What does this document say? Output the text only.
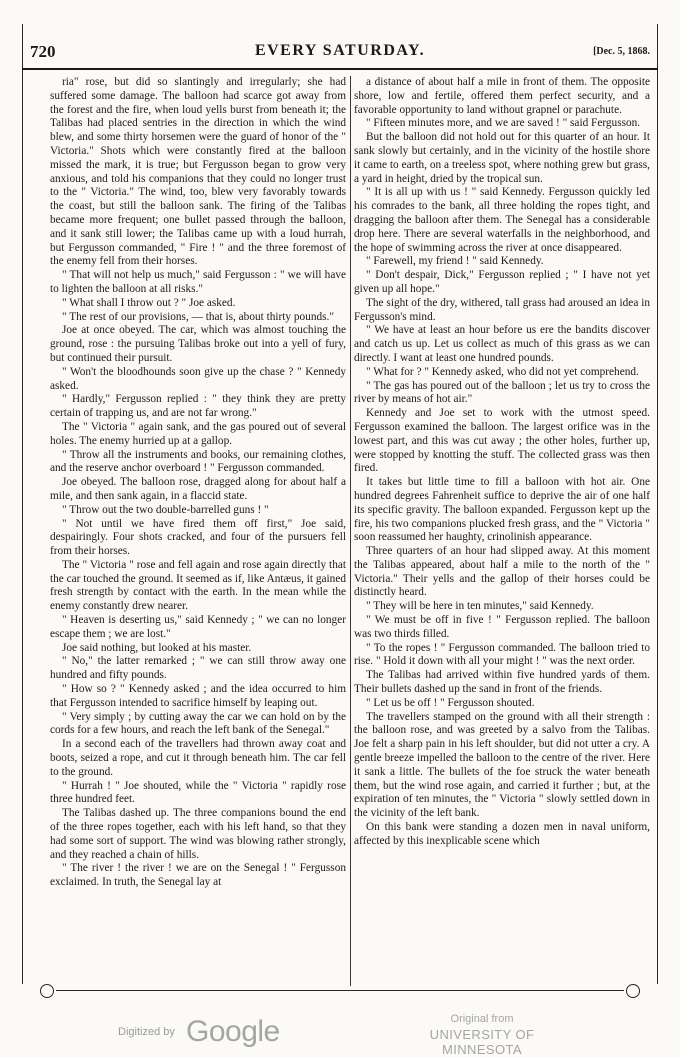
720	EVERY SATURDAY.	[Dec. 5, 1868.

ria" rose, but did so slantingly and irregularly; she had suffered some damage. The balloon had scarce got away from the forest and the fire, when loud yells burst from beneath it; the Talibas had placed sentries in the direction in which the wind blew, and some thirty horsemen were the guard of honor of the " Victoria." Shots which were constantly fired at the balloon missed the mark, it is true; but Fergusson began to grow very anxious, and told his companions that they could no longer trust to the " Victoria." The wind, too, blew very favorably towards the coast, but still the balloon sank. The firing of the Talibas became more frequent; one bullet passed through the balloon, and it sank still lower; the Talibas came up with a loud hurrah, but Fergusson commanded, " Fire ! " and the three foremost of the enemy fell from their horses.

" That will not help us much," said Fergusson : " we will have to lighten the balloon at all risks."

" What shall I throw out ? " Joe asked.

" The rest of our provisions, — that is, about thirty pounds."

Joe at once obeyed. The car, which was almost touching the ground, rose : the pursuing Talibas broke out into a yell of fury, but continued their pursuit.

" Won't the bloodhounds soon give up the chase ? " Kennedy asked.

" Hardly," Fergusson replied : " they think they are pretty certain of trapping us, and are not far wrong."

The " Victoria " again sank, and the gas poured out of several holes. The enemy hurried up at a gallop.

" Throw all the instruments and books, our remaining clothes, and the reserve anchor overboard ! " Fergusson commanded.

Joe obeyed. The balloon rose, dragged along for about half a mile, and then sank again, in a flaccid state.

" Throw out the two double-barrelled guns ! "

" Not until we have fired them off first," Joe said, despairingly. Four shots cracked, and four of the pursuers fell from their horses.

The " Victoria " rose and fell again and rose again directly that the car touched the ground. It seemed as if, like Antæus, it gained fresh strength by contact with the earth. In the mean while the enemy constantly drew nearer.

" Heaven is deserting us," said Kennedy ; " we can no longer escape them ; we are lost."

Joe said nothing, but looked at his master.

" No," the latter remarked ; " we can still throw away one hundred and fifty pounds.

" How so ? " Kennedy asked ; and the idea occurred to him that Fergusson intended to sacrifice himself by leaping out.

" Very simply ; by cutting away the car we can hold on by the cords for a few hours, and reach the left bank of the Senegal."

In a second each of the travellers had thrown away coat and boots, seized a rope, and cut it through beneath him. The car fell to the ground.

" Hurrah ! " Joe shouted, while the " Victoria " rapidly rose three hundred feet.

The Talibas dashed up. The three companions bound the end of the three ropes together, each with his left hand, so that they had some sort of support. The wind was blowing rather strongly, and they reached a chain of hills.

" The river ! the river ! we are on the Senegal ! " Fergusson exclaimed. In truth, the Senegal lay at

a distance of about half a mile in front of them. The opposite shore, low and fertile, offered them perfect security, and a favorable opportunity to land without grapnel or parachute.

" Fifteen minutes more, and we are saved ! " said Fergusson.

But the balloon did not hold out for this quarter of an hour. It sank slowly but certainly, and in the vicinity of the hostile shore it came to earth, on a treeless spot, where nothing grew but grass, a yard in height, dried by the tropical sun.

" It is all up with us ! " said Kennedy. Fergusson quickly led his comrades to the bank, all three holding the ropes tight, and dragging the balloon after them. The Senegal has a considerable drop here. There are several waterfalls in the neighborhood, and the hope of swimming across the river at once disappeared.

" Farewell, my friend ! " said Kennedy.

" Don't despair, Dick," Fergusson replied ; " I have not yet given up all hope."

The sight of the dry, withered, tall grass had aroused an idea in Fergusson's mind.

" We have at least an hour before us ere the bandits discover and catch us up. Let us collect as much of this grass as we can directly. I want at least one hundred pounds.

" What for ? " Kennedy asked, who did not yet comprehend.

" The gas has poured out of the balloon ; let us try to cross the river by means of hot air."

Kennedy and Joe set to work with the utmost speed. Fergusson examined the balloon. The largest orifice was in the lowest part, and this was cut away ; the other holes, further up, were stopped by knotting the stuff. The collected grass was then fired.

It takes but little time to fill a balloon with hot air. One hundred degrees Fahrenheit suffice to deprive the air of one half its specific gravity. The balloon expanded. Fergusson kept up the fire, his two companions plucked fresh grass, and the " Victoria " soon reassumed her haughty, crinolinish appearance.

Three quarters of an hour had slipped away. At this moment the Talibas appeared, about half a mile to the north of the " Victoria." Their yells and the gallop of their horses could be distinctly heard.

" They will be here in ten minutes," said Kennedy.

" We must be off in five ! " Fergusson replied. The balloon was two thirds filled.

" To the ropes ! " Fergusson commanded. The balloon tried to rise. " Hold it down with all your might ! " was the next order.

The Talibas had arrived within five hundred yards of them. Their bullets dashed up the sand in front of the friends.

" Let us be off ! " Fergusson shouted.

The travellers stamped on the ground with all their strength : the balloon rose, and was greeted by a salvo from the Talibas. Joe felt a sharp pain in his left shoulder, but did not utter a cry. A gentle breeze impelled the balloon to the centre of the river. Here it sank a little. The bullets of the foe struck the water beneath them, but the wind rose again, and carried it further ; but, at the expiration of ten minutes, the " Victoria " slowly settled down in the vicinity of the left bank.

On this bank were standing a dozen men in naval uniform, affected by this inexplicable scene which

Digitized by Google	Original from
UNIVERSITY OF MINNESOTA
